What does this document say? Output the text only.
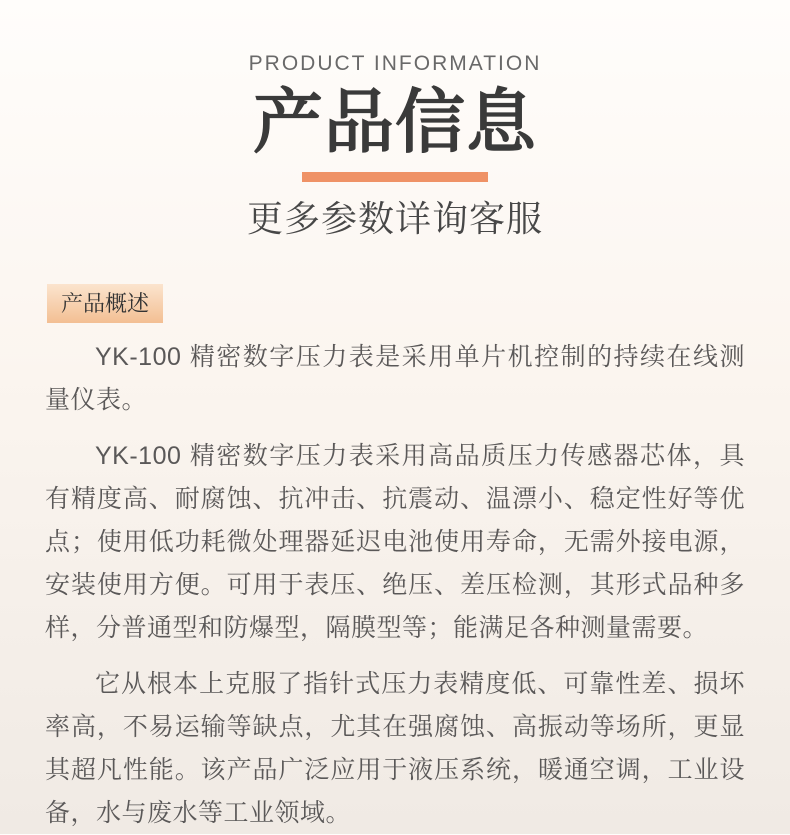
PRODUCT INFORMATION
产品信息
更多参数详询客服
产品概述

YK-100 精密数字压力表是采用单片机控制的持续在线测量仪表。

YK-100 精密数字压力表采用高品质压力传感器芯体，具有精度高、耐腐蚀、抗冲击、抗震动、温漂小、稳定性好等优点；使用低功耗微处理器延迟电池使用寿命，无需外接电源，安装使用方便。可用于表压、绝压、差压检测，其形式品种多样，分普通型和防爆型，隔膜型等；能满足各种测量需要。

它从根本上克服了指针式压力表精度低、可靠性差、损坏率高，不易运输等缺点，尤其在强腐蚀、高振动等场所，更显其超凡性能。该产品广泛应用于液压系统，暖通空调，工业设备，水与废水等工业领域。
